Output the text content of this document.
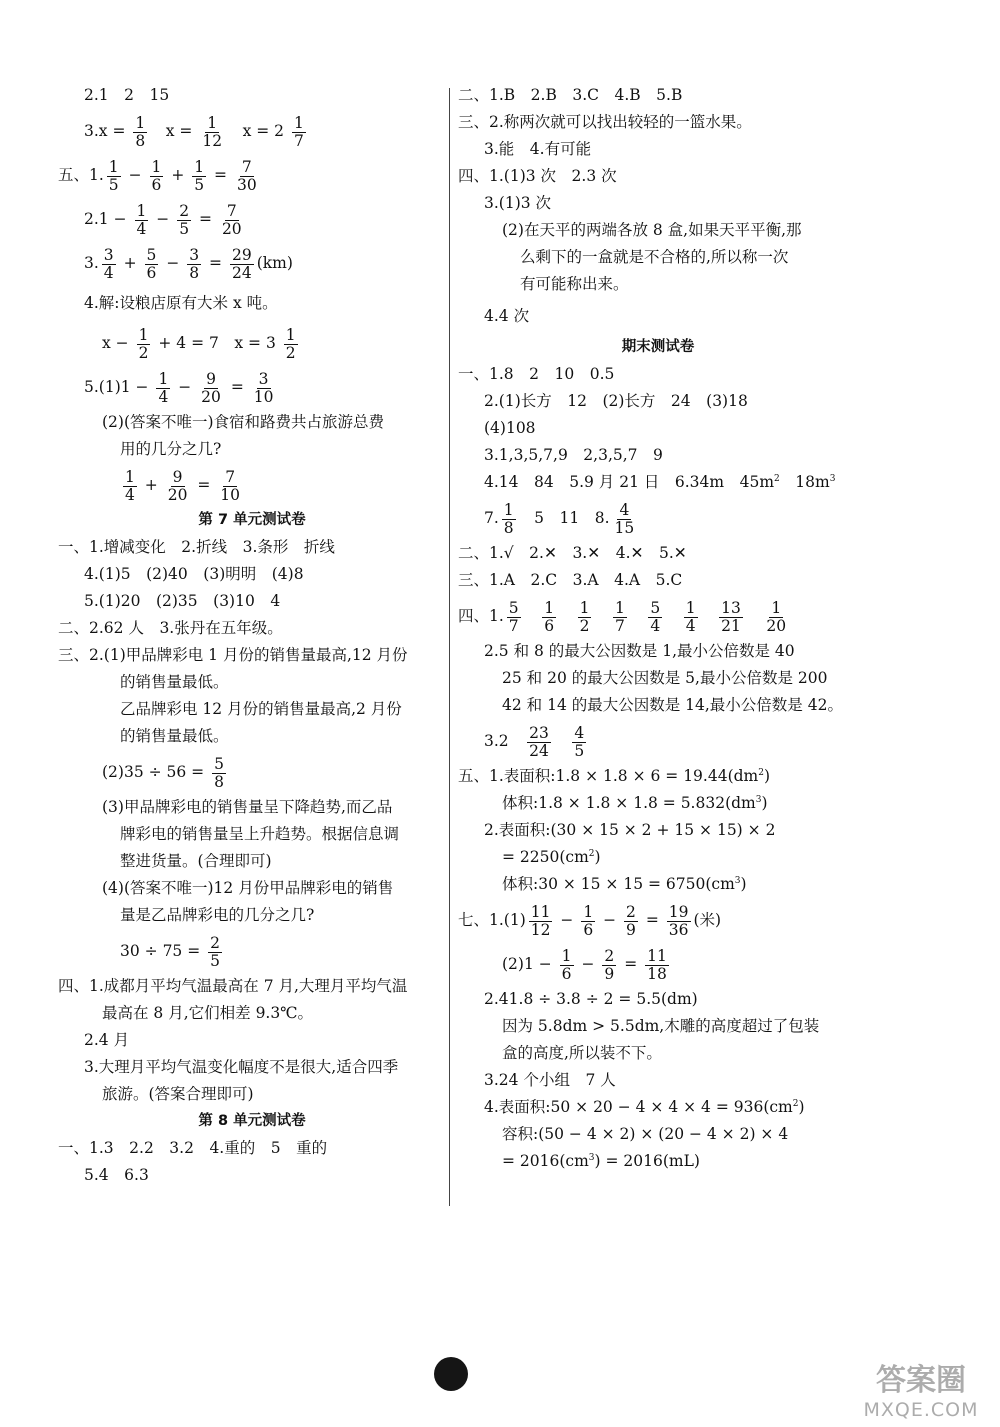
2.1　2　15
$3.x = \frac{1}{8}$ 　$x = \frac{1}{12}$ 　$x = 2 \frac{1}{7}$
五、1. $\frac{1}{5} - \frac{1}{6} + \frac{1}{5} = \frac{7}{30}$
$2.1 - \frac{1}{4} - \frac{2}{5} = \frac{7}{20}$
3. $\frac{3}{4} + \frac{5}{6} - \frac{3}{8} = \frac{29}{24} (km)$
4.解:设粮店原有大米 x 吨。
$x - \frac{1}{2} + 4 = 7$　$x = 3 \frac{1}{2}$
$5.(1)1 - \frac{1}{4} - \frac{9}{20} = \frac{3}{10}$
(2)(答案不唯一)食宿和路费共占旅游总费
用的几分之几?
$\frac{1}{4} + \frac{9}{20} = \frac{7}{10}$
第 7 单元测试卷
一、1.增减变化　2.折线　3.条形　折线
4.(1)5　(2)40　(3)明明　(4)8
5.(1)20　(2)35　(3)10　4
二、2.62 人　3.张丹在五年级。
三、2.(1)甲品牌彩电 1 月份的销售量最高,12 月份
的销售量最低。
乙品牌彩电 12 月份的销售量最高,2 月份
的销售量最低。
$(2)35 \div 56 = \frac{5}{8}$
(3)甲品牌彩电的销售量呈下降趋势,而乙品
牌彩电的销售量呈上升趋势。根据信息调
整进货量。(合理即可)
(4)(答案不唯一)12 月份甲品牌彩电的销售
量是乙品牌彩电的几分之几?
$30 \div 75 = \frac{2}{5}$
四、1.成都月平均气温最高在 7 月,大理月平均气温
最高在 8 月,它们相差 9.3℃。
2.4 月
3.大理月平均气温变化幅度不是很大,适合四季
旅游。(答案合理即可)
第 8 单元测试卷
一、1.3　2.2　3.2　4.重的　5　重的
5.4　6.3
二、1.B　2.B　3.C　4.B　5.B
三、2.称两次就可以找出较轻的一篮水果。
3.能　4.有可能
四、1.(1)3 次　2.3 次
3.(1)3 次
(2)在天平的两端各放 8 盒,如果天平平衡,那
么剩下的一盒就是不合格的,所以称一次
有可能称出来。
4.4 次
期末测试卷
一、1.8　2　10　0.5
2.(1)长方　12　(2)长方　24　(3)18
(4)108
3.1,3,5,7,9　2,3,5,7　9
4.14　84　5.9 月 21 日　6.34m　$45m^2$　$18m^3$
7. $\frac{1}{8}$ 　5　11　8. $\frac{4}{15}$
二、1.√　2.✕　3.✕　4.✕　5.✕
三、1.A　2.C　3.A　4.A　5.C
四、1. $\frac{5}{7}$
　 $\frac{1}{6}$
　 $\frac{1}{2}$
　 $\frac{1}{7}$
　 $\frac{5}{4}$
　 $\frac{1}{4}$
　 $\frac{13}{21}$
　 $\frac{1}{20}$
2.5 和 8 的最大公因数是 1,最小公倍数是 40
25 和 20 的最大公因数是 5,最小公倍数是 200
42 和 14 的最大公因数是 14,最小公倍数是 42。
3.2　 $\frac{23}{24}$
　 $\frac{4}{5}$
五、1.表面积:1.8 × $1.8 \times 6 = 19.44(dm^2)$
体积:1.8 × $1.8 \times 1.8 = 5.832(dm^3)$
2.表面积:(30 × 15 × 2 + 15 × 15) × 2
= $2250(cm^2)$
体积:30 × $15 \times 15 = 6750(cm^3)$
七、$1.(1) \frac{11}{12} - \frac{1}{6} - \frac{2}{9} = \frac{19}{36}$ (米)
$(2)1 - \frac{1}{6} - \frac{2}{9} = \frac{11}{18}$
2.41.8 ÷ 3.8 ÷ 2 = 5.5(dm)
因为 5.8dm > 5.5dm,木雕的高度超过了包装
盒的高度,所以装不下。
3.24 个小组　7 人
4.表面积:50 × $20 - 4 \times 4 \times 4 = 936(cm^2)$
容积:(50 − 4 × 2) × (20 − 4 × 2) × 4
= $2016(cm^3) = 2016(mL)$
答案圈
MXQE.COM
